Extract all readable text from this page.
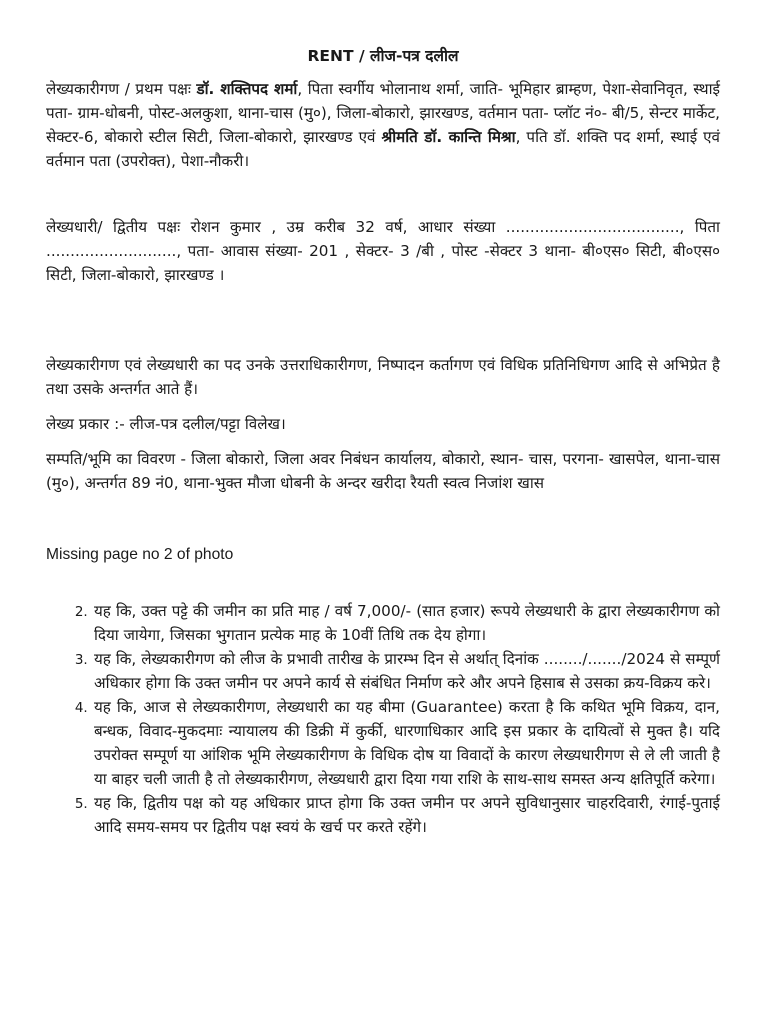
RENT / लीज-पत्र दलील

लेख्यकारीगण / प्रथम पक्षः डॉ. शक्तिपद शर्मा, पिता स्वर्गीय भोलानाथ शर्मा, जाति- भूमिहार ब्राम्हण, पेशा-सेवानिवृत, स्थाई पता- ग्राम-धोबनी, पोस्ट-अलकुशा, थाना-चास (मु०), जिला-बोकारो, झारखण्ड, वर्तमान पता- प्लॉट नं०- बी/5, सेन्टर मार्केट, सेक्टर-6, बोकारो स्टील सिटी, जिला-बोकारो, झारखण्ड एवं श्रीमति डॉ. कान्ति मिश्रा, पति डॉ. शक्ति पद शर्मा, स्थाई एवं वर्तमान पता (उपरोक्त), पेशा-नौकरी।

लेख्यधारी/ द्वितीय पक्षः रोशन कुमार , उम्र करीब 32 वर्ष, आधार संख्या ...................................., पिता ..........................., पता- आवास संख्या- 201 , सेक्टर- 3 /बी , पोस्ट -सेक्टर 3 थाना- बी०एस० सिटी, बी०एस० सिटी, जिला-बोकारो, झारखण्ड ।

लेख्यकारीगण एवं लेख्यधारी का पद उनके उत्तराधिकारीगण, निष्पादन कर्तागण एवं विधिक प्रतिनिधिगण आदि से अभिप्रेत है तथा उसके अन्तर्गत आते हैं।

लेख्य प्रकार :- लीज-पत्र दलील/पट्टा विलेख।

सम्पति/भूमि का विवरण - जिला बोकारो, जिला अवर निबंधन कार्यालय, बोकारो, स्थान- चास, परगना- खासपेल, थाना-चास (मु०), अन्तर्गत 89 नं0, थाना-भुक्त मौजा धोबनी के अन्दर खरीदा रैयती स्वत्व निजांश खास

Missing page no 2 of photo

2. यह कि, उक्त पट्टे की जमीन का प्रति माह / वर्ष 7,000/- (सात हजार) रूपये लेख्यधारी के द्वारा लेख्यकारीगण को दिया जायेगा, जिसका भुगतान प्रत्येक माह के 10वीं तिथि तक देय होगा।
3. यह कि, लेख्यकारीगण को लीज के प्रभावी तारीख के प्रारम्भ दिन से अर्थात् दिनांक ......../......./2024 से सम्पूर्ण अधिकार होगा कि उक्त जमीन पर अपने कार्य से संबंधित निर्माण करे और अपने हिसाब से उसका क्रय-विक्रय करे।
4. यह कि, आज से लेख्यकारीगण, लेख्यधारी का यह बीमा (Guarantee) करता है कि कथित भूमि विक्रय, दान, बन्धक, विवाद-मुकदमाः न्यायालय की डिक्री में कुर्की, धारणाधिकार आदि इस प्रकार के दायित्वों से मुक्त है। यदि उपरोक्त सम्पूर्ण या आंशिक भूमि लेख्यकारीगण के विधिक दोष या विवादों के कारण लेख्यधारीगण से ले ली जाती है या बाहर चली जाती है तो लेख्यकारीगण, लेख्यधारी द्वारा दिया गया राशि के साथ-साथ समस्त अन्य क्षतिपूर्ति करेगा।
5. यह कि, द्वितीय पक्ष को यह अधिकार प्राप्त होगा कि उक्त जमीन पर अपने सुविधानुसार चाहरदिवारी, रंगाई-पुताई आदि समय-समय पर द्वितीय पक्ष स्वयं के खर्च पर करते रहेंगे।
